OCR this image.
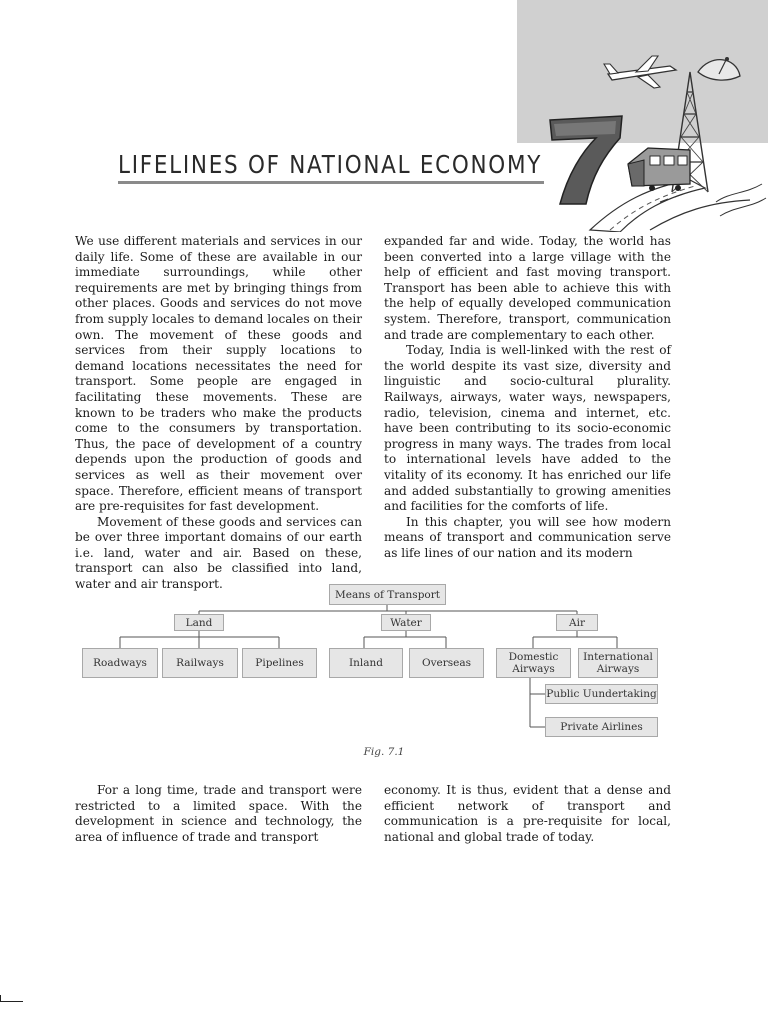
LIFELINES OF NATIONAL ECONOMY

We use different materials and services in our daily life. Some of these are available in our immediate surroundings, while other requirements are met by bringing things from other places. Goods and services do not move from supply locales to demand locales on their own. The movement of these goods and services from their supply locations to demand locations necessitates the need for transport. Some people are engaged in facilitating these movements. These are known to be traders who make the products come to the consumers by transportation. Thus, the pace of development of a country depends upon the production of goods and services as well as their movement over space. Therefore, efficient means of transport are pre-requisites for fast development.

Movement of these goods and services can be over three important domains of our earth i.e. land, water and air. Based on these, transport can also be classified into land, water and air transport.

expanded far and wide. Today, the world has been converted into a large village with the help of efficient and fast moving transport. Transport has been able to achieve this with the help of equally developed communication system. Therefore, transport, communication and trade are complementary to each other.

Today, India is well-linked with the rest of the world despite its vast size, diversity and linguistic and socio-cultural plurality. Railways, airways, water ways, newspapers, radio, television, cinema and internet, etc. have been contributing to its socio-economic progress in many ways. The trades from local to international levels have added to the vitality of its economy. It has enriched our life and added substantially to growing amenities and facilities for the comforts of life.

In this chapter, you will see how modern means of transport and communication serve as life lines of our nation and its modern

Means of Transport
Land	Water	Air
Roadways	Railways	Pipelines	Inland	Overseas	Domestic
Airways
International
Airways
Public Uundertaking
Private Airlines
Fig. 7.1

For a long time, trade and transport were restricted to a limited space. With the development in science and technology, the area of influence of trade and transport

economy. It is thus, evident that a dense and efficient network of transport and communication is a pre-requisite for local, national and global trade of today.
